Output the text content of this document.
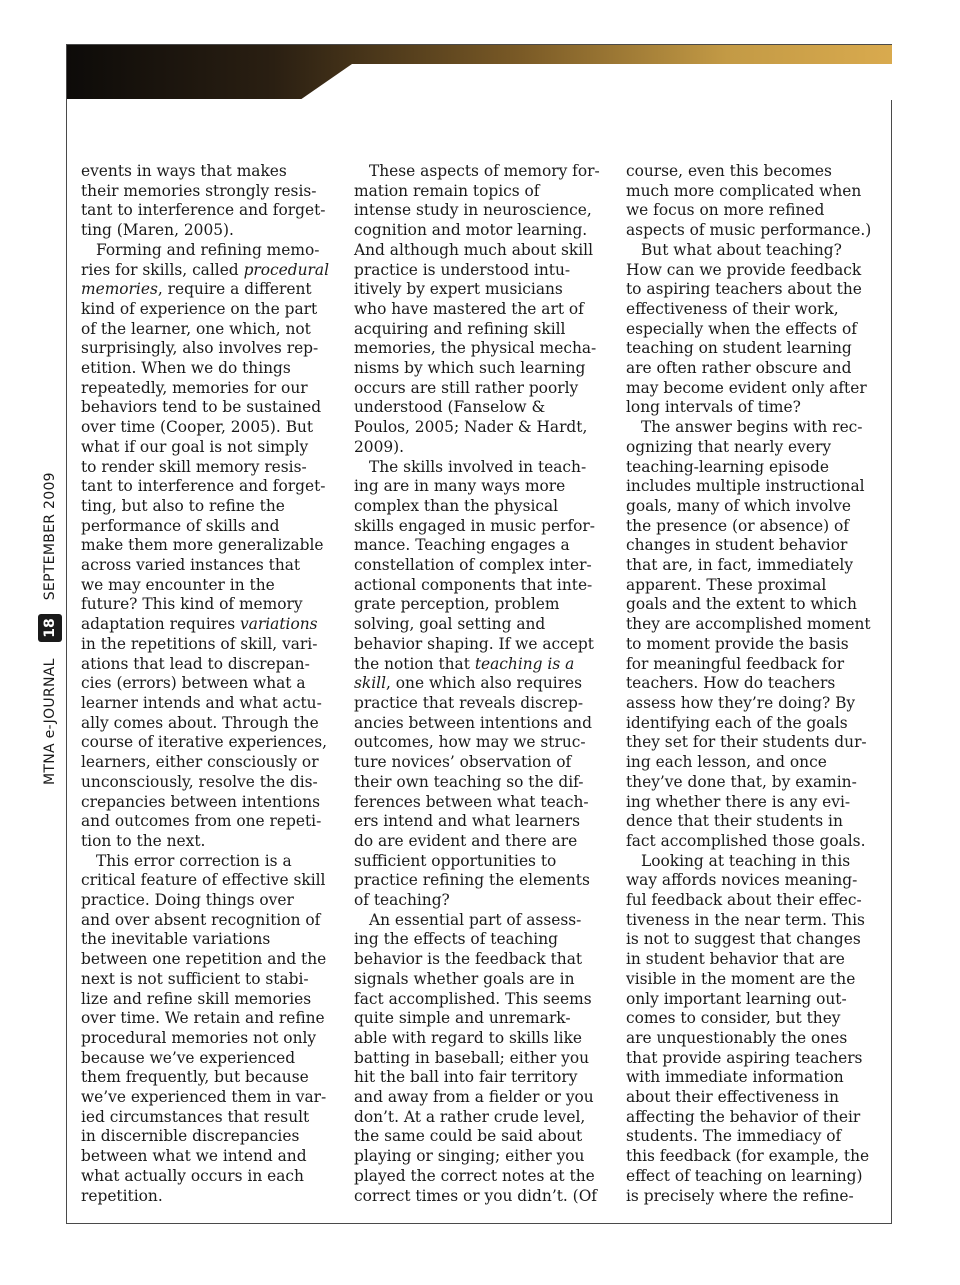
MTNA e-JOURNALSEPTEMBER 2009
18

events in ways that makes
their memories strongly resis-
tant to interference and forget-
ting (Maren, 2005).

Forming and refining memo-
ries for skills, called procedural
memories, require a different
kind of experience on the part
of the learner, one which, not
surprisingly, also involves rep-
etition. When we do things
repeatedly, memories for our
behaviors tend to be sustained
over time (Cooper, 2005). But
what if our goal is not simply
to render skill memory resis-
tant to interference and forget-
ting, but also to refine the
performance of skills and
make them more generalizable
across varied instances that
we may encounter in the
future? This kind of memory
adaptation requires variations
in the repetitions of skill, vari-
ations that lead to discrepan-
cies (errors) between what a
learner intends and what actu-
ally comes about. Through the
course of iterative experiences,
learners, either consciously or
unconsciously, resolve the dis-
crepancies between intentions
and outcomes from one repeti-
tion to the next.

This error correction is a
critical feature of effective skill
practice. Doing things over
and over absent recognition of
the inevitable variations
between one repetition and the
next is not sufficient to stabi-
lize and refine skill memories
over time. We retain and refine
procedural memories not only
because we’ve experienced
them frequently, but because
we’ve experienced them in var-
ied circumstances that result
in discernible discrepancies
between what we intend and
what actually occurs in each
repetition.

These aspects of memory for-
mation remain topics of
intense study in neuroscience,
cognition and motor learning.
And although much about skill
practice is understood intu-
itively by expert musicians
who have mastered the art of
acquiring and refining skill
memories, the physical mecha-
nisms by which such learning
occurs are still rather poorly
understood (Fanselow &
Poulos, 2005; Nader & Hardt,
2009).

The skills involved in teach-
ing are in many ways more
complex than the physical
skills engaged in music perfor-
mance. Teaching engages a
constellation of complex inter-
actional components that inte-
grate perception, problem
solving, goal setting and
behavior shaping. If we accept
the notion that teaching is a
skill, one which also requires
practice that reveals discrep-
ancies between intentions and
outcomes, how may we struc-
ture novices’ observation of
their own teaching so the dif-
ferences between what teach-
ers intend and what learners
do are evident and there are
sufficient opportunities to
practice refining the elements
of teaching?

An essential part of assess-
ing the effects of teaching
behavior is the feedback that
signals whether goals are in
fact accomplished. This seems
quite simple and unremark-
able with regard to skills like
batting in baseball; either you
hit the ball into fair territory
and away from a fielder or you
don’t. At a rather crude level,
the same could be said about
playing or singing; either you
played the correct notes at the
correct times or you didn’t. (Of

course, even this becomes
much more complicated when
we focus on more refined
aspects of music performance.)

But what about teaching?
How can we provide feedback
to aspiring teachers about the
effectiveness of their work,
especially when the effects of
teaching on student learning
are often rather obscure and
may become evident only after
long intervals of time?

The answer begins with rec-
ognizing that nearly every
teaching-learning episode
includes multiple instructional
goals, many of which involve
the presence (or absence) of
changes in student behavior
that are, in fact, immediately
apparent. These proximal
goals and the extent to which
they are accomplished moment
to moment provide the basis
for meaningful feedback for
teachers. How do teachers
assess how they’re doing? By
identifying each of the goals
they set for their students dur-
ing each lesson, and once
they’ve done that, by examin-
ing whether there is any evi-
dence that their students in
fact accomplished those goals.

Looking at teaching in this
way affords novices meaning-
ful feedback about their effec-
tiveness in the near term. This
is not to suggest that changes
in student behavior that are
visible in the moment are the
only important learning out-
comes to consider, but they
are unquestionably the ones
that provide aspiring teachers
with immediate information
about their effectiveness in
affecting the behavior of their
students. The immediacy of
this feedback (for example, the
effect of teaching on learning)
is precisely where the refine-
